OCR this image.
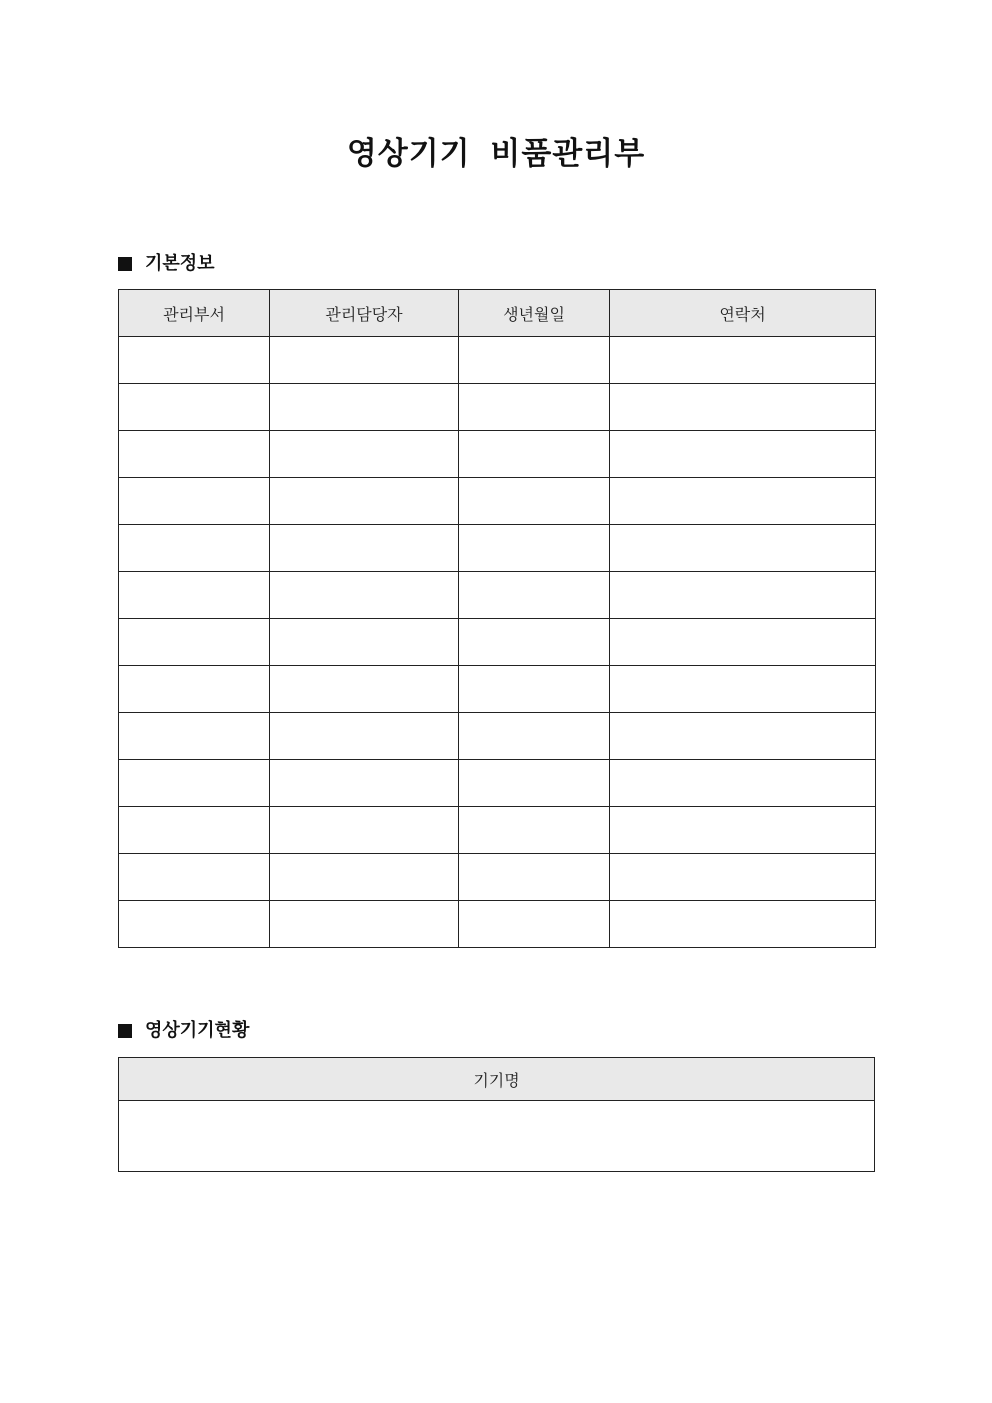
영상기기 비품관리부
기본정보
관리부서	관리담당자	생년월일	연락처

영상기기현황
기기명
